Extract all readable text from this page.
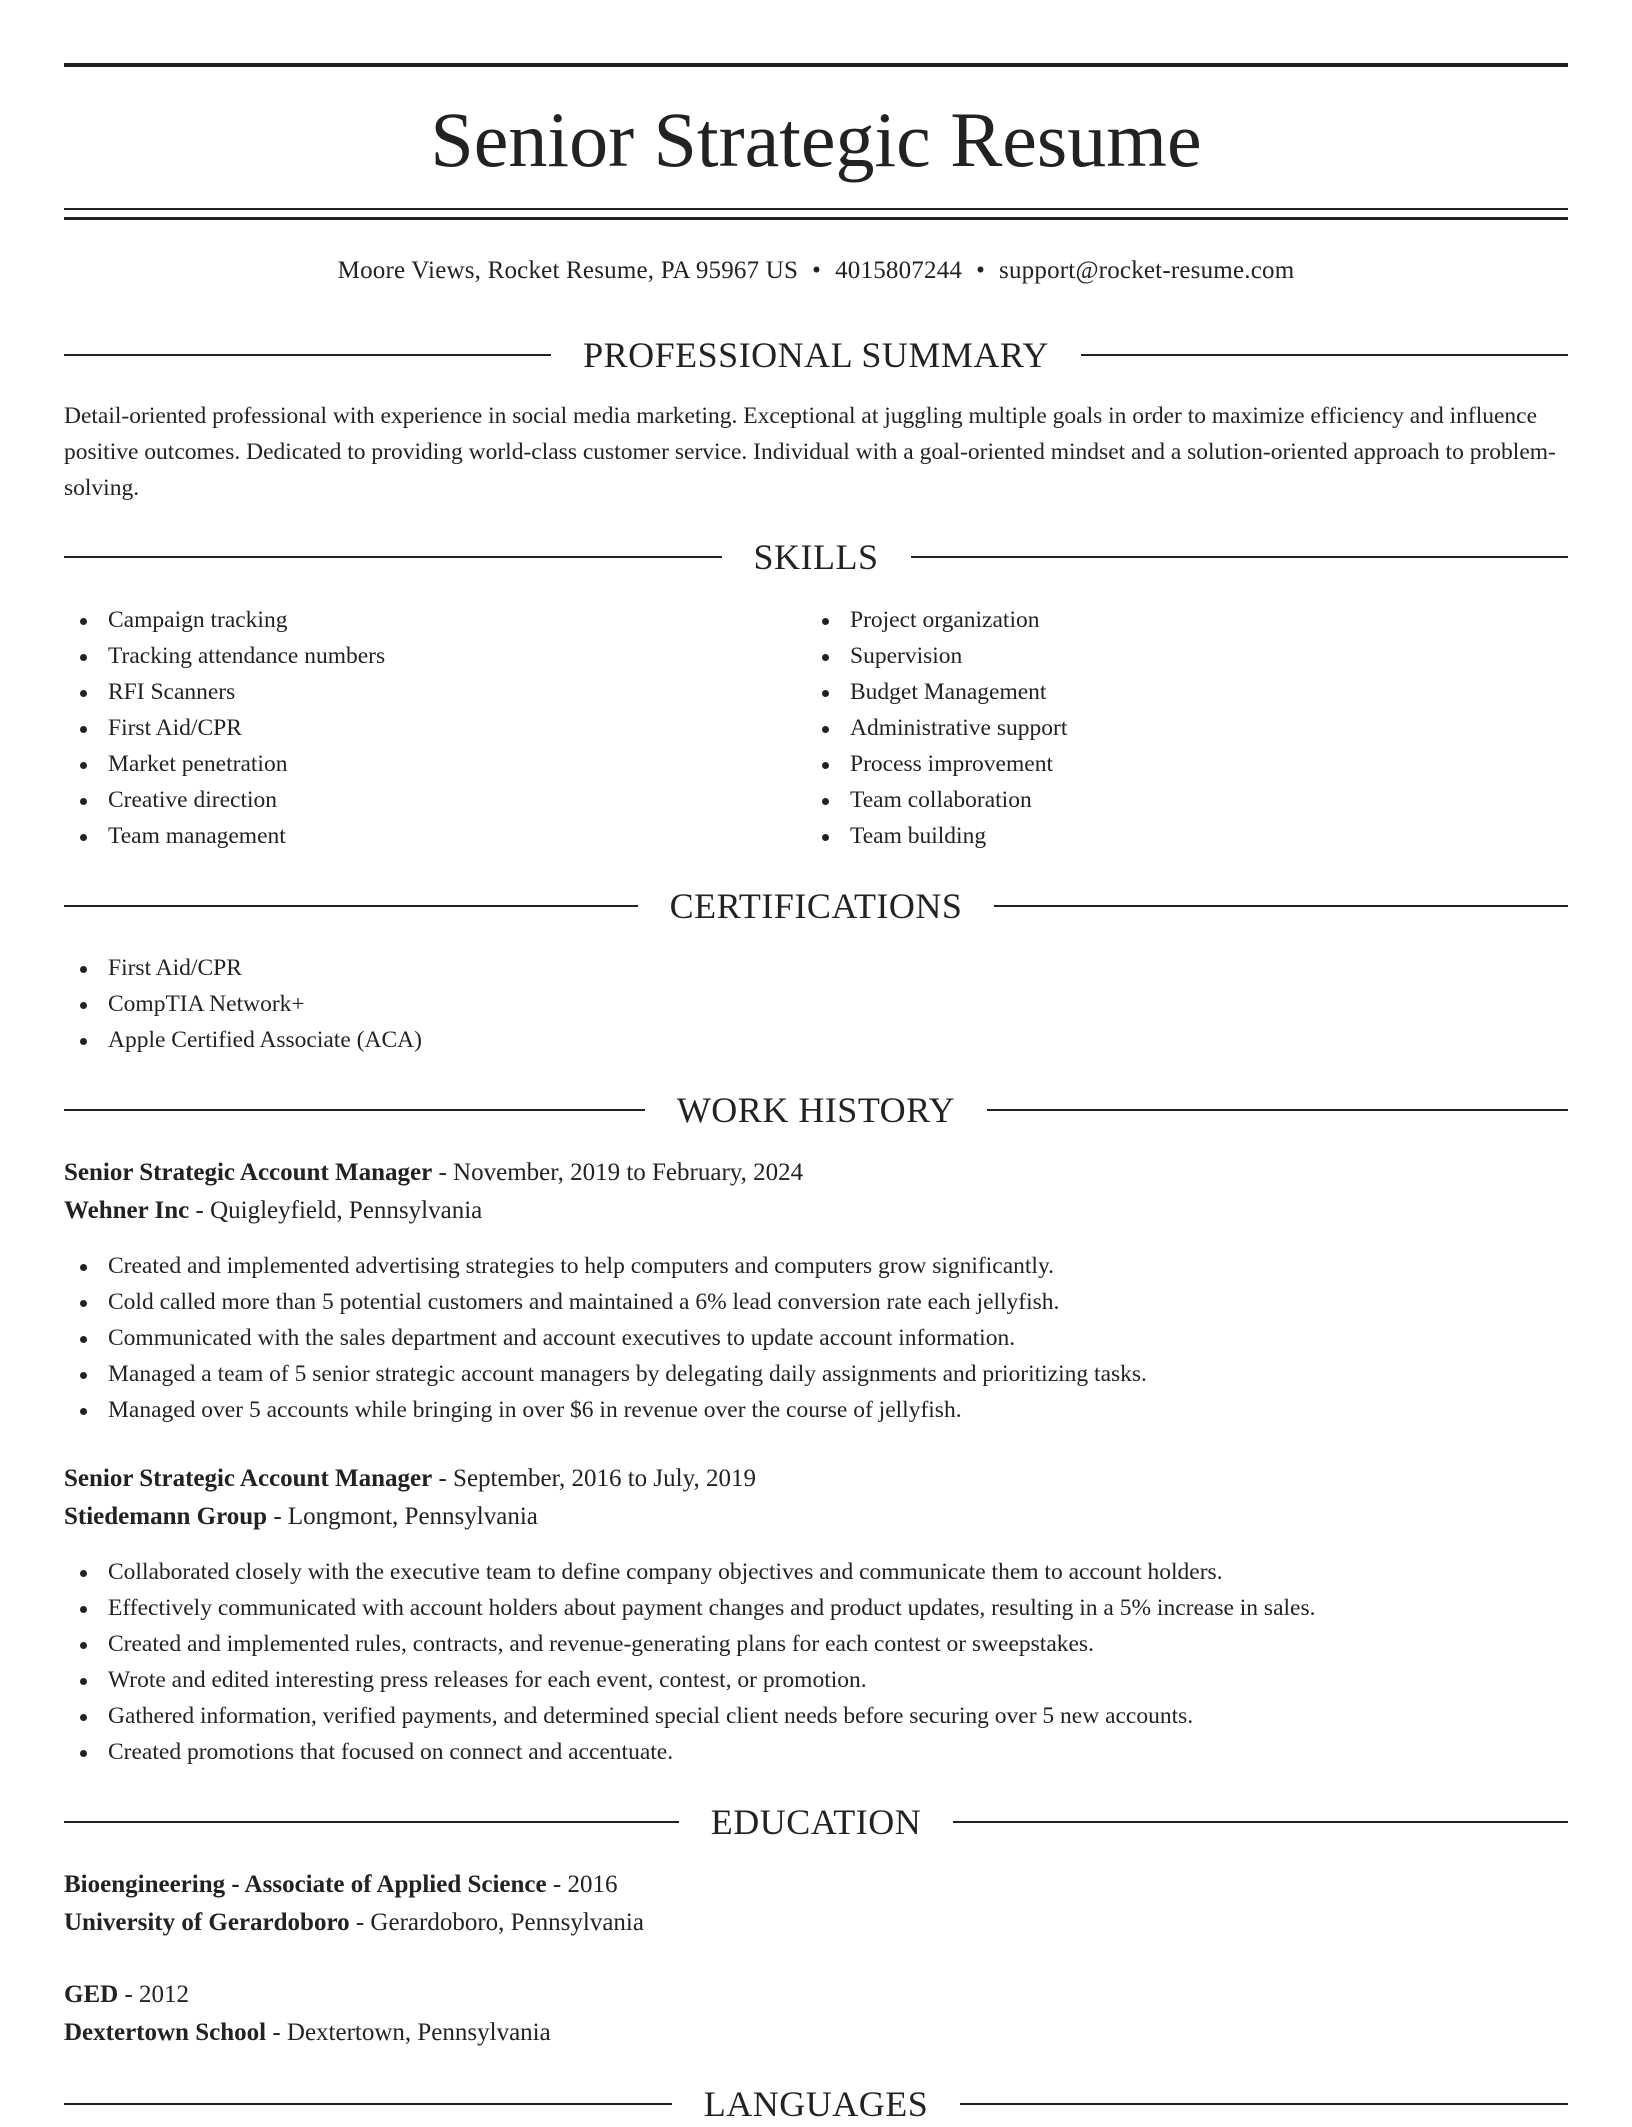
Senior Strategic Resume
Moore Views, Rocket Resume, PA 95967 US • 4015807244 • support@rocket-resume.com
PROFESSIONAL SUMMARY

Detail-oriented professional with experience in social media marketing. Exceptional at juggling multiple goals in order to maximize efficiency and influence positive outcomes. Dedicated to providing world-class customer service. Individual with a goal-oriented mindset and a solution-oriented approach to problem-solving.

SKILLS
Campaign tracking
Tracking attendance numbers
RFI Scanners
First Aid/CPR
Market penetration
Creative direction
Team management
Project organization
Supervision
Budget Management
Administrative support
Process improvement
Team collaboration
Team building
CERTIFICATIONS
First Aid/CPR
CompTIA Network+
Apple Certified Associate (ACA)
WORK HISTORY
Senior Strategic Account Manager - November, 2019 to February, 2024
Wehner Inc - Quigleyfield, Pennsylvania
Created and implemented advertising strategies to help computers and computers grow significantly.
Cold called more than 5 potential customers and maintained a 6% lead conversion rate each jellyfish.
Communicated with the sales department and account executives to update account information.
Managed a team of 5 senior strategic account managers by delegating daily assignments and prioritizing tasks.
Managed over 5 accounts while bringing in over $6 in revenue over the course of jellyfish.
Senior Strategic Account Manager - September, 2016 to July, 2019
Stiedemann Group - Longmont, Pennsylvania
Collaborated closely with the executive team to define company objectives and communicate them to account holders.
Effectively communicated with account holders about payment changes and product updates, resulting in a 5% increase in sales.
Created and implemented rules, contracts, and revenue-generating plans for each contest or sweepstakes.
Wrote and edited interesting press releases for each event, contest, or promotion.
Gathered information, verified payments, and determined special client needs before securing over 5 new accounts.
Created promotions that focused on connect and accentuate.
EDUCATION
Bioengineering - Associate of Applied Science - 2016
University of Gerardoboro - Gerardoboro, Pennsylvania
GED - 2012
Dextertown School - Dextertown, Pennsylvania
LANGUAGES
